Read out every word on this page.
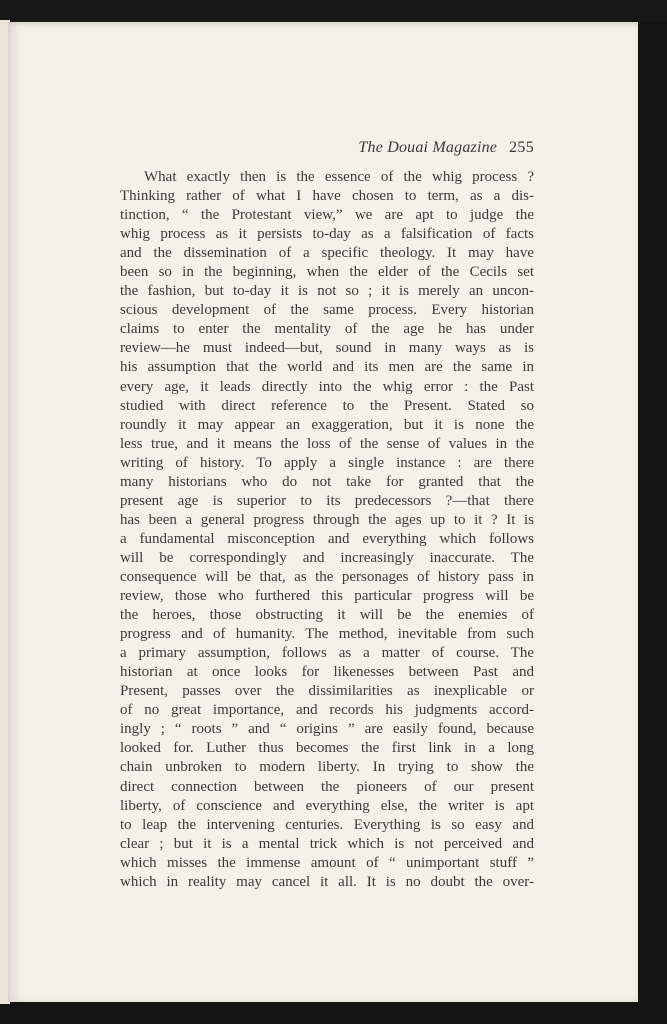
The Douai Magazine 255
What exactly then is the essence of the whig process ?
Thinking rather of what I have chosen to term, as a dis-
tinction, “ the Protestant view,” we are apt to judge the
whig process as it persists to-day as a falsification of facts
and the dissemination of a specific theology. It may have
been so in the beginning, when the elder of the Cecils set
the fashion, but to-day it is not so ; it is merely an uncon-
scious development of the same process. Every historian
claims to enter the mentality of the age he has under
review—he must indeed—but, sound in many ways as is
his assumption that the world and its men are the same in
every age, it leads directly into the whig error : the Past
studied with direct reference to the Present. Stated so
roundly it may appear an exaggeration, but it is none the
less true, and it means the loss of the sense of values in the
writing of history. To apply a single instance : are there
many historians who do not take for granted that the
present age is superior to its predecessors ?—that there
has been a general progress through the ages up to it ? It is
a fundamental misconception and everything which follows
will be correspondingly and increasingly inaccurate. The
consequence will be that, as the personages of history pass in
review, those who furthered this particular progress will be
the heroes, those obstructing it will be the enemies of
progress and of humanity. The method, inevitable from such
a primary assumption, follows as a matter of course. The
historian at once looks for likenesses between Past and
Present, passes over the dissimilarities as inexplicable or
of no great importance, and records his judgments accord-
ingly ; “ roots ” and “ origins ” are easily found, because
looked for. Luther thus becomes the first link in a long
chain unbroken to modern liberty. In trying to show the
direct connection between the pioneers of our present
liberty, of conscience and everything else, the writer is apt
to leap the intervening centuries. Everything is so easy and
clear ; but it is a mental trick which is not perceived and
which misses the immense amount of “ unimportant stuff ”
which in reality may cancel it all. It is no doubt the over-
